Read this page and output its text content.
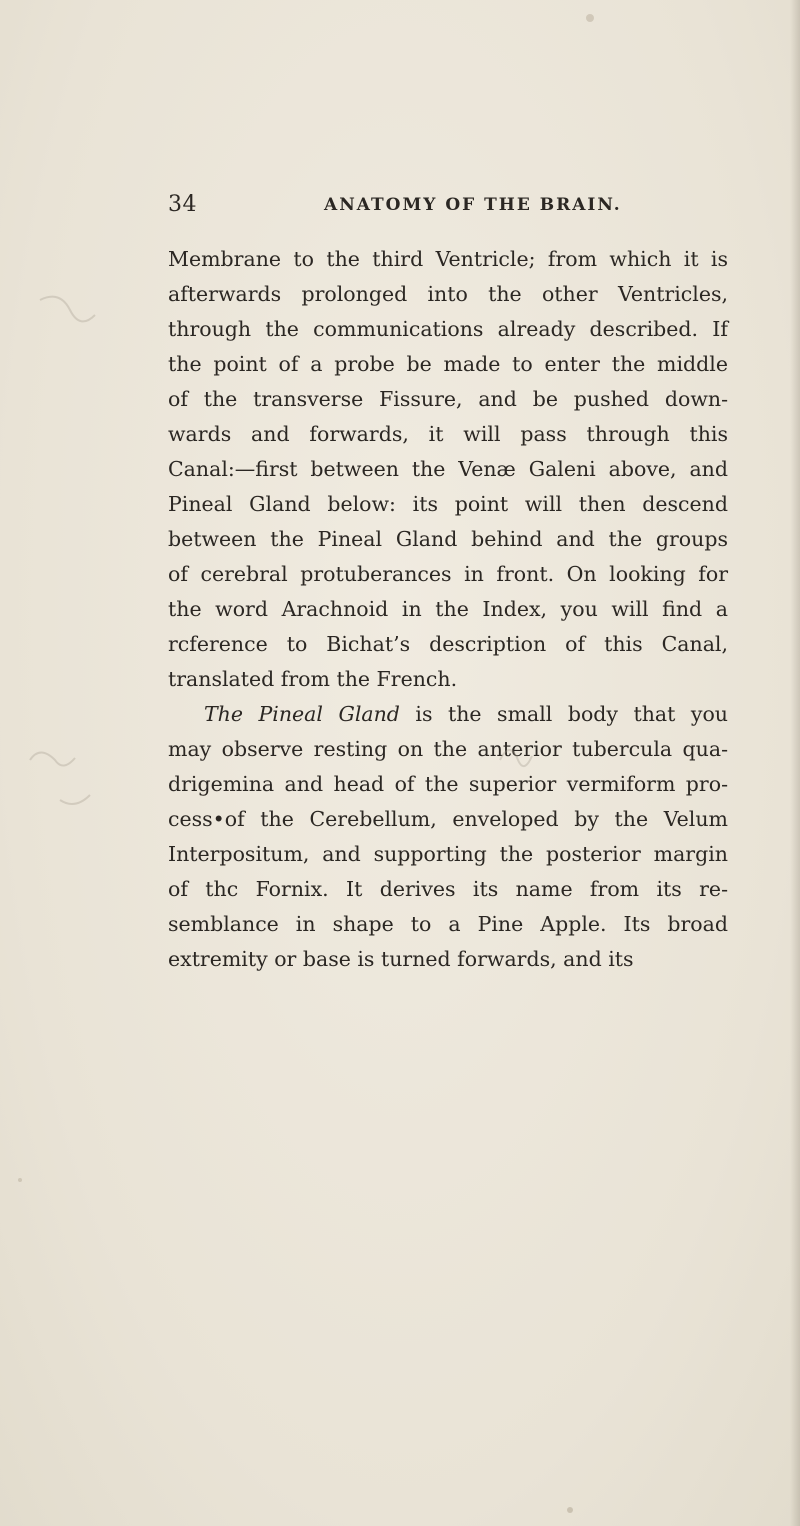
34	ANATOMY OF THE BRAIN.
Membrane to the third Ventricle; from which it is
afterwards prolonged into the other Ventricles,
through the communications already described. If
the point of a probe be made to enter the middle
of the transverse Fissure, and be pushed down-
wards and forwards, it will pass through this
Canal:—first between the Venæ Galeni above, and
Pineal Gland below: its point will then descend
between the Pineal Gland behind and the groups
of cerebral protuberances in front. On looking for
the word Arachnoid in the Index, you will find a
rcference to Bichat’s description of this Canal,
translated from the French.
The Pineal Gland is the small body that you
may observe resting on the anterior tubercula qua-
drigemina and head of the superior vermiform pro-
cess•of the Cerebellum, enveloped by the Velum
Interpositum, and supporting the posterior margin
of thc Fornix. It derives its name from its re-
semblance in shape to a Pine Apple. Its broad
extremity or base is turned forwards, and its
